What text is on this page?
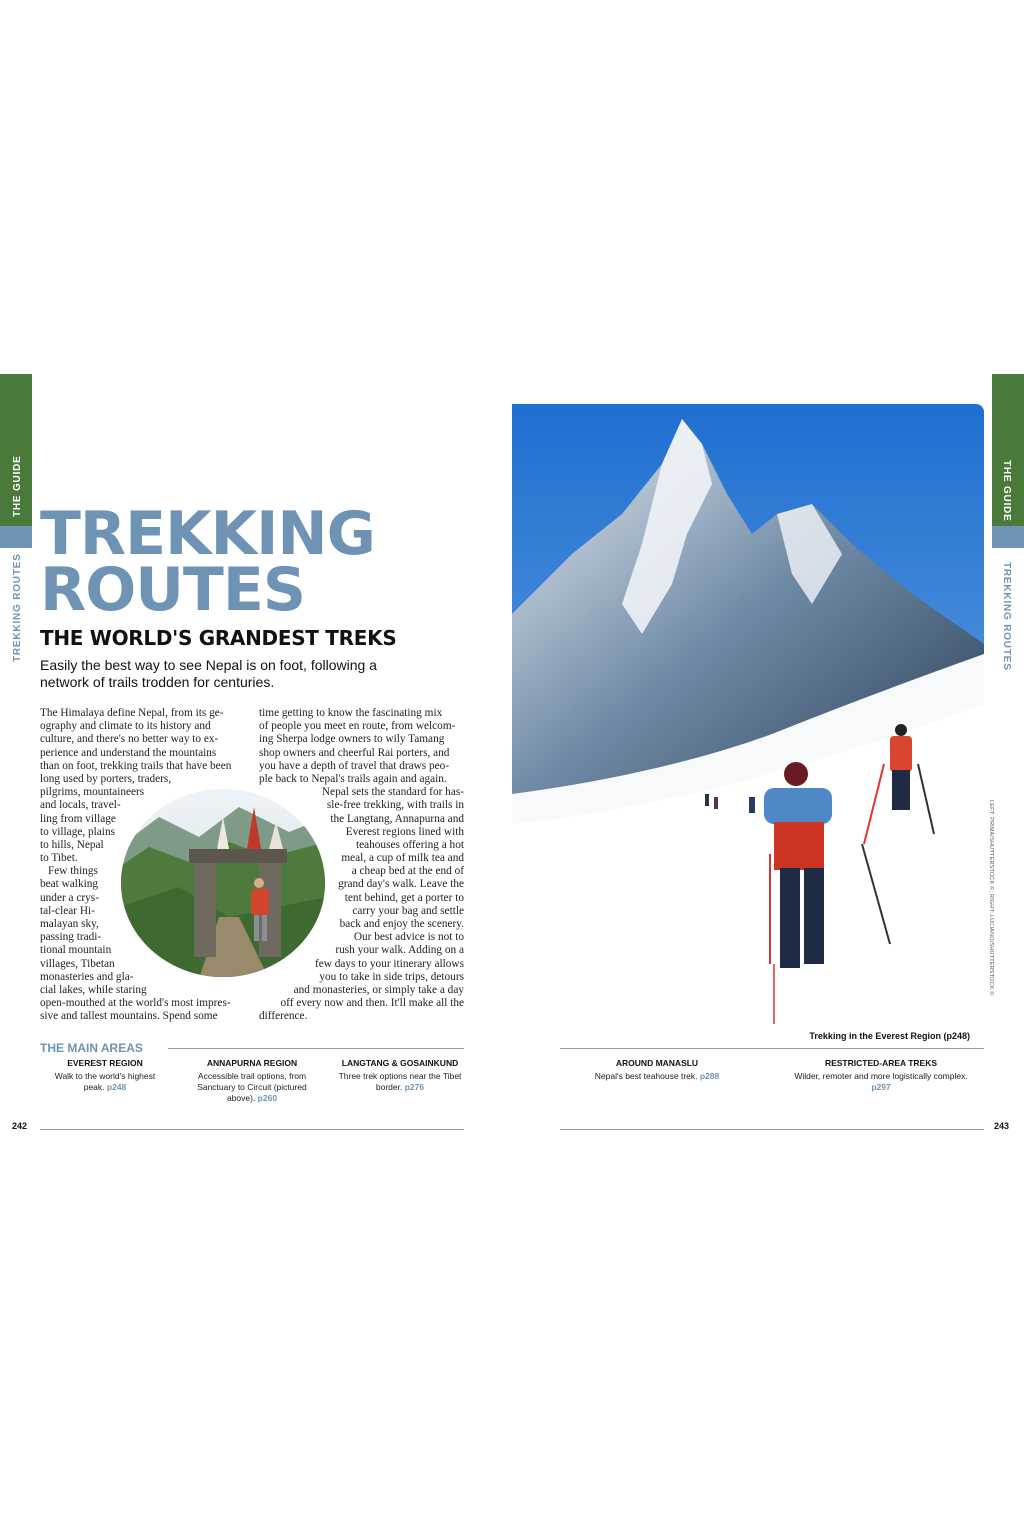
THE GUIDE
TREKKING ROUTES
THE GUIDE
TREKKING ROUTES
TREKKING
ROUTES
THE WORLD'S GRANDEST TREKS
Easily the best way to see Nepal is on foot, following a
network of trails trodden for centuries.
The Himalaya define Nepal, from its ge-
ography and climate to its history and
culture, and there's no better way to ex-
perience and understand the mountains
than on foot, trekking trails that have been
long used by porters, traders,
pilgrims, mountaineers
and locals, travel-
ling from village
to village, plains
to hills, Nepal
to Tibet.
Few things
beat walking
under a crys-
tal-clear Hi-
malayan sky,
passing tradi-
tional mountain
villages, Tibetan
monasteries and gla-
cial lakes, while staring
open-mouthed at the world's most impres-
sive and tallest mountains. Spend some
time getting to know the fascinating mix
of people you meet en route, from welcom-
ing Sherpa lodge owners to wily Tamang
shop owners and cheerful Rai porters, and
you have a depth of travel that draws peo-
ple back to Nepal's trails again and again.
Nepal sets the standard for has-
sle-free trekking, with trails in
the Langtang, Annapurna and
Everest regions lined with
teahouses offering a hot
meal, a cup of milk tea and
a cheap bed at the end of
grand day's walk. Leave the
tent behind, get a porter to
carry your bag and settle
back and enjoy the scenery.
Our best advice is not to
rush your walk. Adding on a
few days to your itinerary allows
you to take in side trips, detours
and monasteries, or simply take a day
off every now and then. It'll make all the
difference.
THE MAIN AREAS
EVEREST REGION
Walk to the world's highest
peak. p248
ANNAPURNA REGION
Accessible trail options, from
Sanctuary to Circuit (pictured
above). p260
LANGTANG & GOSAINKUND
Three trek options near the Tibet
border. p276
242
LEFT: PRIMA/SHUTTERSTOCK ©; RIGHT: LUCIANO/SHUTTERSTOCK ©
Trekking in the Everest Region (p248)
AROUND MANASLU
Nepal's best teahouse trek. p288
RESTRICTED-AREA TREKS
Wilder, remoter and more logistically complex.
p297
243
